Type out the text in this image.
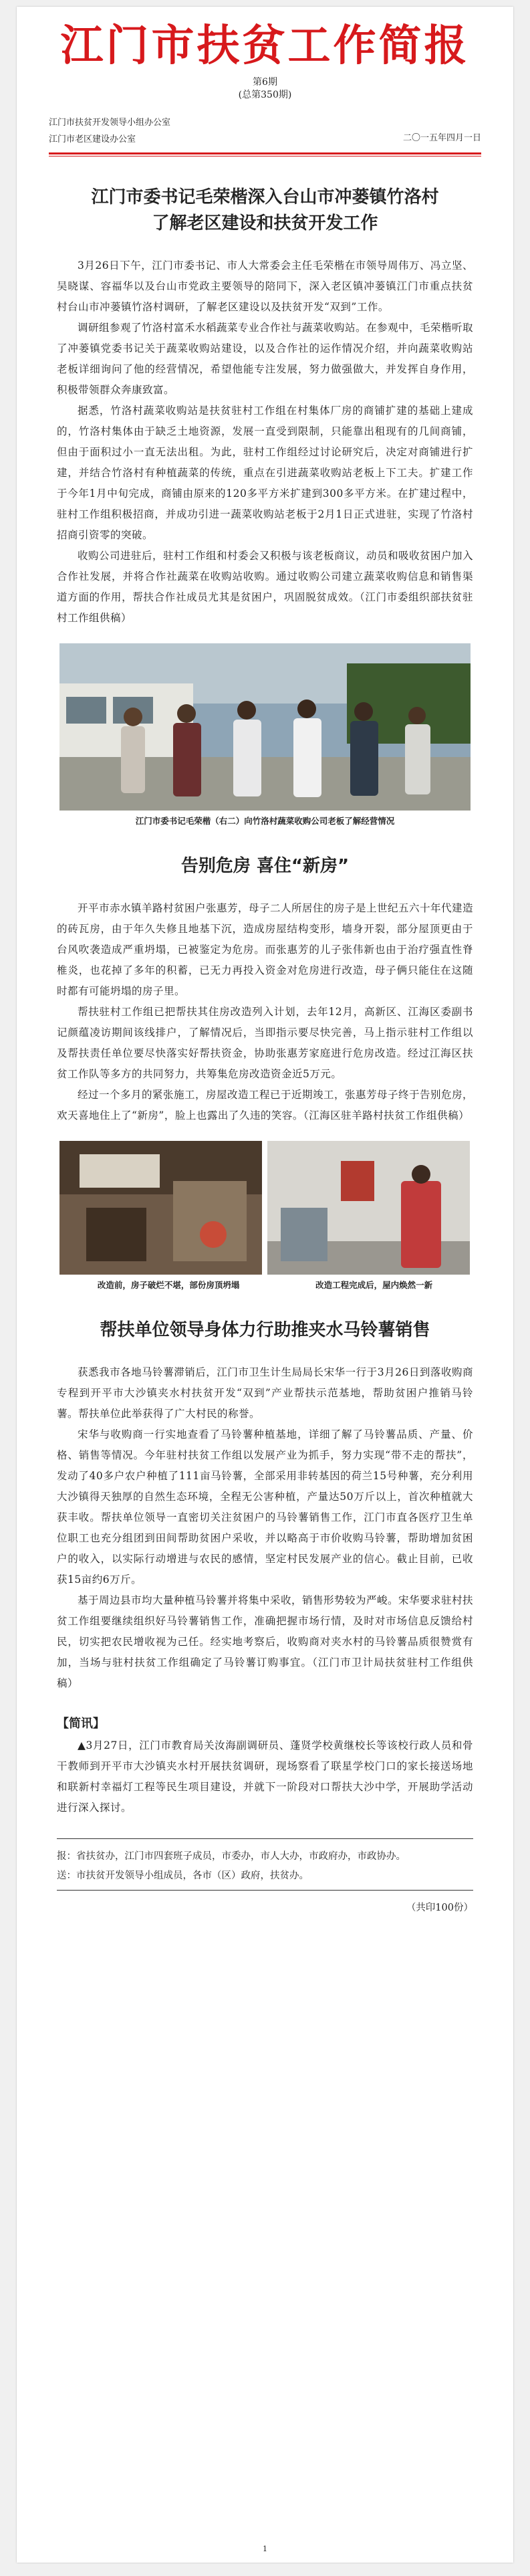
江门市扶贫工作简报
第6期
(总第350期)
江门市扶贫开发领导小组办公室
江门市老区建设办公室	二〇一五年四月一日
江门市委书记毛荣楷深入台山市冲蒌镇竹洛村
了解老区建设和扶贫开发工作

3月26日下午，江门市委书记、市人大常委会主任毛荣楷在市领导周伟万、冯立坚、吴晓谋、容福华以及台山市党政主要领导的陪同下，深入老区镇冲蒌镇江门市重点扶贫村台山市冲蒌镇竹洛村调研，了解老区建设以及扶贫开发“双到”工作。

调研组参观了竹洛村富禾水稻蔬菜专业合作社与蔬菜收购站。在参观中，毛荣楷听取了冲蒌镇党委书记关于蔬菜收购站建设，以及合作社的运作情况介绍，并向蔬菜收购站老板详细询问了他的经营情况，希望他能专注发展，努力做强做大，并发挥自身作用，积极带领群众奔康致富。

据悉，竹洛村蔬菜收购站是扶贫驻村工作组在村集体厂房的商铺扩建的基础上建成的，竹洛村集体由于缺乏土地资源，发展一直受到限制，只能靠出租现有的几间商铺，但由于面积过小一直无法出租。为此，驻村工作组经过讨论研究后，决定对商铺进行扩建，并结合竹洛村有种植蔬菜的传统，重点在引进蔬菜收购站老板上下工夫。扩建工作于今年1月中旬完成，商铺由原来的120多平方米扩建到300多平方米。在扩建过程中，驻村工作组积极招商，并成功引进一蔬菜收购站老板于2月1日正式进驻，实现了竹洛村招商引资零的突破。

收购公司进驻后，驻村工作组和村委会又积极与该老板商议，动员和吸收贫困户加入合作社发展，并将合作社蔬菜在收购站收购。通过收购公司建立蔬菜收购信息和销售渠道方面的作用，帮扶合作社成员尤其是贫困户，巩固脱贫成效。（江门市委组织部扶贫驻村工作组供稿）

江门市委书记毛荣楷（右二）向竹洛村蔬菜收购公司老板了解经营情况
告别危房 喜住“新房”

开平市赤水镇羊路村贫困户张惠芳，母子二人所居住的房子是上世纪五六十年代建造的砖瓦房，由于年久失修且地基下沉，造成房屋结构变形，墙身开裂，部分屋顶更由于台风吹袭造成严重坍塌，已被鉴定为危房。而张惠芳的儿子张伟新也由于治疗强直性脊椎炎，也花掉了多年的积蓄，已无力再投入资金对危房进行改造，母子俩只能住在这随时都有可能坍塌的房子里。

帮扶驻村工作组已把帮扶其住房改造列入计划，去年12月，高新区、江海区委副书记颜蕴凌访期间该线排户，了解情况后，当即指示要尽快完善，马上指示驻村工作组以及帮扶责任单位要尽快落实好帮扶资金，协助张惠芳家庭进行危房改造。经过江海区扶贫工作队等多方的共同努力，共筹集危房改造资金近5万元。

经过一个多月的紧张施工，房屋改造工程已于近期竣工，张惠芳母子终于告别危房，欢天喜地住上了“新房”，脸上也露出了久违的笑容。（江海区驻羊路村扶贫工作组供稿）

改造前，房子破烂不堪，部份房顶坍塌	改造工程完成后，屋内焕然一新
帮扶单位领导身体力行助推夹水马铃薯销售

获悉我市各地马铃薯滞销后，江门市卫生计生局局长宋华一行于3月26日到落收购商专程到开平市大沙镇夹水村扶贫开发“双到”产业帮扶示范基地，帮助贫困户推销马铃薯。帮扶单位此举获得了广大村民的称誉。

宋华与收购商一行实地查看了马铃薯种植基地，详细了解了马铃薯品质、产量、价格、销售等情况。今年驻村扶贫工作组以发展产业为抓手，努力实现“带不走的帮扶”，发动了40多户农户种植了111亩马铃薯，全部采用非转基因的荷兰15号种薯，充分利用大沙镇得天独厚的自然生态环境，全程无公害种植，产量达50万斤以上，首次种植就大获丰收。帮扶单位领导一直密切关注贫困户的马铃薯销售工作，江门市直各医疗卫生单位职工也充分组团到田间帮助贫困户采收，并以略高于市价收购马铃薯，帮助增加贫困户的收入，以实际行动增进与农民的感情，坚定村民发展产业的信心。截止目前，已收获15亩约6万斤。

基于周边县市均大量种植马铃薯并将集中采收，销售形势较为严峻。宋华要求驻村扶贫工作组要继续组织好马铃薯销售工作，准确把握市场行情，及时对市场信息反馈给村民，切实把农民增收视为己任。经实地考察后，收购商对夹水村的马铃薯品质很赞赏有加，当场与驻村扶贫工作组确定了马铃薯订购事宜。（江门市卫计局扶贫驻村工作组供稿）

【简讯】

▲3月27日，江门市教育局关汝海副调研员、蓬贤学校黄继校长等该校行政人员和骨干教师到开平市大沙镇夹水村开展扶贫调研，现场察看了联星学校门口的家长接送场地和联新村幸福灯工程等民生项目建设，并就下一阶段对口帮扶大沙中学，开展助学活动进行深入探讨。

报：省扶贫办，江门市四套班子成员，市委办，市人大办，市政府办，市政协办。
送：市扶贫开发领导小组成员，各市（区）政府，扶贫办。
（共印100份）
1
